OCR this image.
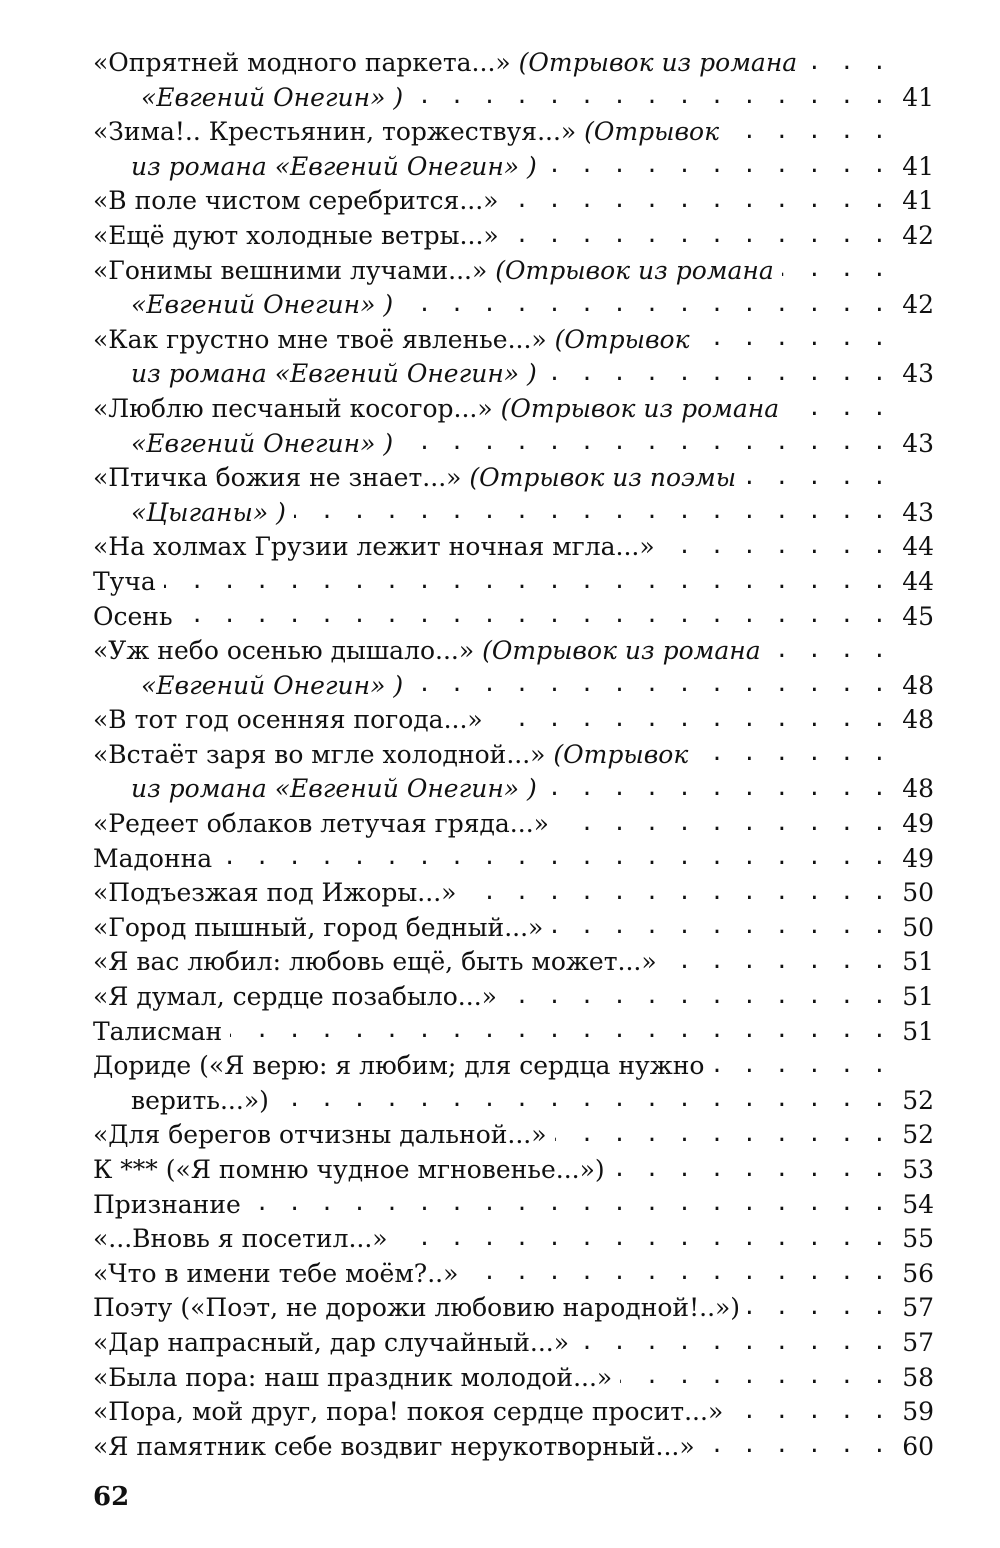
. . .
«Опрятней модного паркета...» (Отрывок из романа
. . .
«Евгений Онегин» )	41
. . .
«Зима!.. Крестьянин, торжествуя...» (Отрывок
. . .
из романа «Евгений Онегин» )	41
. . .
«В поле чистом серебрится...»	41
. . .
«Ещё дуют холодные ветры...»	42
. . .
«Гонимы вешними лучами...» (Отрывок из романа
. . .
«Евгений Онегин» )	42
. . .
«Как грустно мне твоё явленье...» (Отрывок
. . .
из романа «Евгений Онегин» )	43
. . .
«Люблю песчаный косогор...» (Отрывок из романа
. . .
«Евгений Онегин» )	43
. . .
«Птичка божия не знает...» (Отрывок из поэмы
. . .
«Цыганы» )	43
. . .
«На холмах Грузии лежит ночная мгла...»	44
. . .
Туча	44
. . .
Осень	45
. . .
«Уж небо осенью дышало...» (Отрывок из романа
. . .
«Евгений Онегин» )	48
. . .
«В тот год осенняя погода...»	48
. . .
«Встаёт заря во мгле холодной...» (Отрывок
. . .
из романа «Евгений Онегин» )	48
. . .
«Редеет облаков летучая гряда...»	49
. . .
Мадонна	49
. . .
«Подъезжая под Ижоры...»	50
. . .
«Город пышный, город бедный...»	50
. . .
«Я вас любил: любовь ещё, быть может...»	51
. . .
«Я думал, сердце позабыло...»	51
. . .
Талисман	51
. . .
Дориде («Я верю: я любим; для сердца нужно
. . .
верить...»)	52
. . .
«Для берегов отчизны дальной...»	52
. . .
К *** («Я помню чудное мгновенье...»)	53
. . .
Признание	54
. . .
«...Вновь я посетил...»	55
. . .
«Что в имени тебе моём?..»	56
. . .
Поэту («Поэт, не дорожи любовию народной!..»)	57
. . .
«Дар напрасный, дар случайный...»	57
. . .
«Была пора: наш праздник молодой...»	58
. . .
«Пора, мой друг, пора! покоя сердце просит...»	59
. . .
«Я памятник себе воздвиг нерукотворный...»	60
62
